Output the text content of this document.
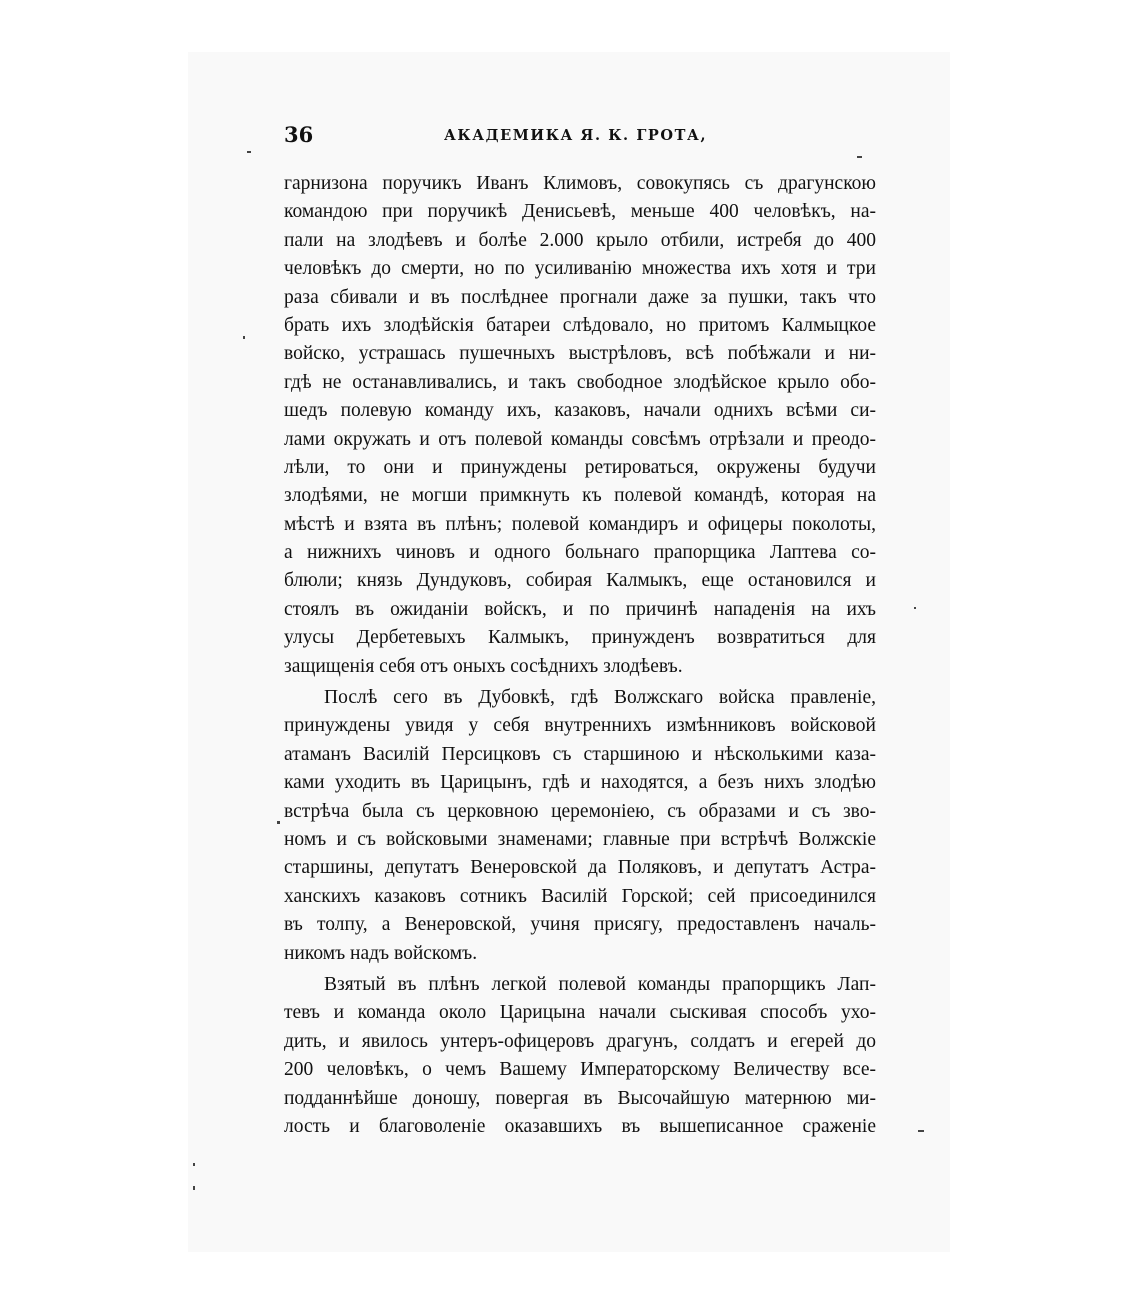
36	АКАДЕМИКА Я. К. ГРОТА,
гарнизона поручикъ Иванъ Климовъ, совокупясь съ драгунскою
командою при поручикѣ Денисьевѣ, меньше 400 человѣкъ, на-
пали на злодѣевъ и болѣе 2.000 крыло отбили, истребя до 400
человѣкъ до смерти, но по усиливанію множества ихъ хотя и три
раза сбивали и въ послѣднее прогнали даже за пушки, такъ что
брать ихъ злодѣйскія батареи слѣдовало, но притомъ Калмыцкое
войско, устрашась пушечныхъ выстрѣловъ, всѣ побѣжали и ни-
гдѣ не останавливались, и такъ свободное злодѣйское крыло обо-
шедъ полевую команду ихъ, казаковъ, начали однихъ всѣми си-
лами окружать и отъ полевой команды совсѣмъ отрѣзали и преодо-
лѣли, то они и принуждены ретироваться, окружены будучи
злодѣями, не могши примкнуть къ полевой командѣ, которая на
мѣстѣ и взята въ плѣнъ; полевой командиръ и офицеры поколоты,
а нижнихъ чиновъ и одного больнаго прапорщика Лаптева со-
блюли; князь Дундуковъ, собирая Калмыкъ, еще остановился и
стоялъ въ ожиданіи войскъ, и по причинѣ нападенія на ихъ
улусы Дербетевыхъ Калмыкъ, принужденъ возвратиться для
защищенія себя отъ оныхъ сосѣднихъ злодѣевъ.
Послѣ сего въ Дубовкѣ, гдѣ Волжскаго войска правленіе,
принуждены увидя у себя внутреннихъ измѣнниковъ войсковой
атаманъ Василій Персицковъ съ старшиною и нѣсколькими каза-
ками уходить въ Царицынъ, гдѣ и находятся, а безъ нихъ злодѣю
встрѣча была съ церковною церемоніею, съ образами и съ зво-
номъ и съ войсковыми знаменами; главные при встрѣчѣ Волжскіе
старшины, депутатъ Венеровской да Поляковъ, и депутатъ Астра-
ханскихъ казаковъ сотникъ Василій Горской; сей присоединился
въ толпу, а Венеровской, учиня присягу, предоставленъ началь-
никомъ надъ войскомъ.
Взятый въ плѣнъ легкой полевой команды прапорщикъ Лап-
тевъ и команда около Царицына начали сыскивая способъ ухо-
дить, и явилось унтеръ-офицеровъ драгунъ, солдатъ и егерей до
200 человѣкъ, о чемъ Вашему Императорскому Величеству все-
подданнѣйше доношу, повергая въ Высочайшую матернюю ми-
лость и благоволеніе оказавшихъ въ вышеписанное сраженіе
